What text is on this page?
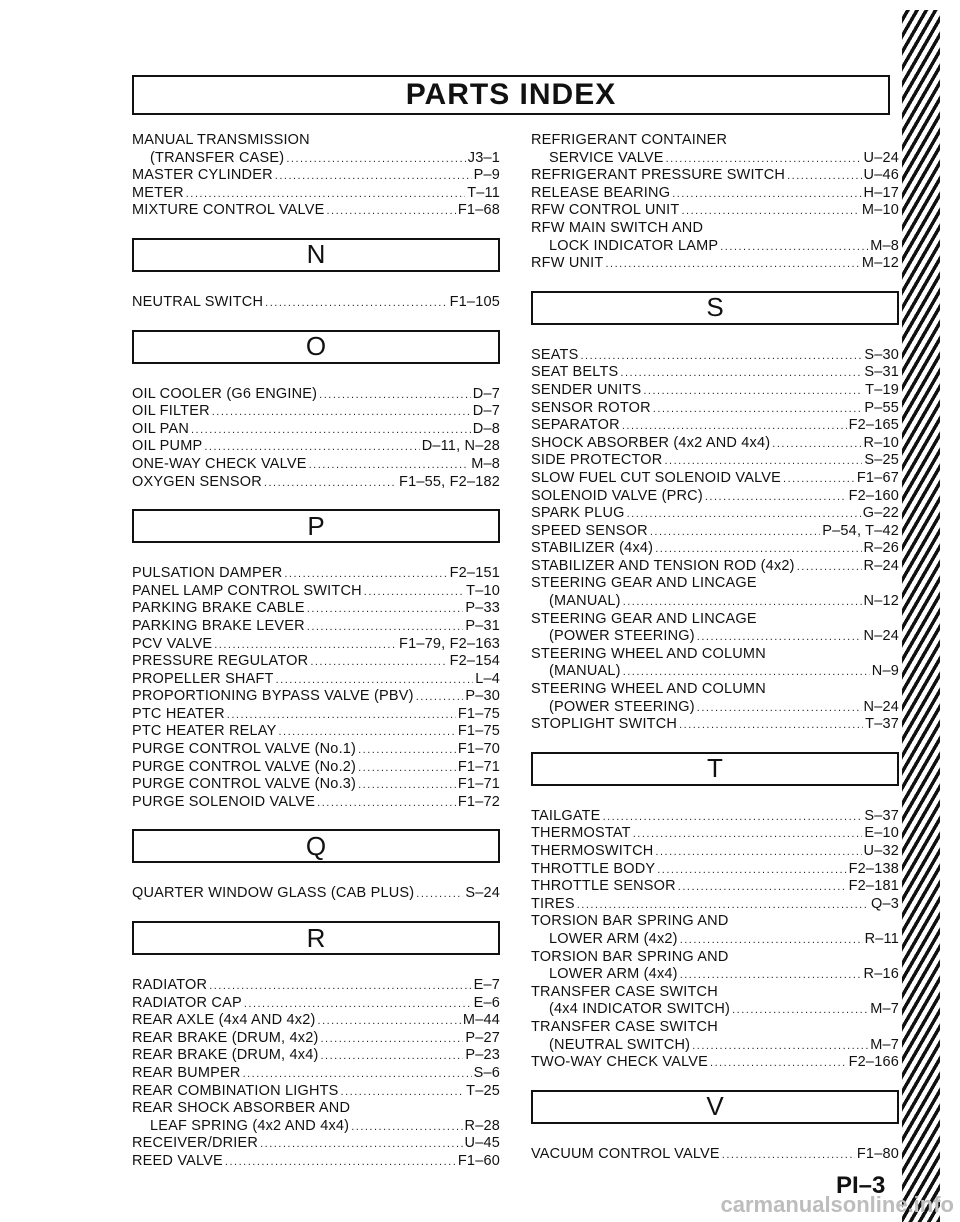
PARTS INDEX
MANUAL TRANSMISSION
(TRANSFER CASE) .....	J3–1
MASTER CYLINDER .....	P–9
METER .....	T–11
MIXTURE CONTROL VALVE .....	F1–68
N
NEUTRAL SWITCH .....	F1–105
O
OIL COOLER (G6 ENGINE) .....	D–7
OIL FILTER .....	D–7
OIL PAN .....	D–8
OIL PUMP .....	D–11, N–28
ONE-WAY CHECK VALVE .....	M–8
OXYGEN SENSOR .....	F1–55, F2–182
P
PULSATION DAMPER .....	F2–151
PANEL LAMP CONTROL SWITCH .....	T–10
PARKING BRAKE CABLE .....	P–33
PARKING BRAKE LEVER .....	P–31
PCV VALVE .....	F1–79, F2–163
PRESSURE REGULATOR .....	F2–154
PROPELLER SHAFT .....	L–4
PROPORTIONING BYPASS VALVE (PBV) .....	P–30
PTC HEATER .....	F1–75
PTC HEATER RELAY .....	F1–75
PURGE CONTROL VALVE (No.1) .....	F1–70
PURGE CONTROL VALVE (No.2) .....	F1–71
PURGE CONTROL VALVE (No.3) .....	F1–71
PURGE SOLENOID VALVE .....	F1–72
Q
QUARTER WINDOW GLASS (CAB PLUS) .....	S–24
R
RADIATOR .....	E–7
RADIATOR CAP .....	E–6
REAR AXLE (4x4 AND 4x2) .....	M–44
REAR BRAKE (DRUM, 4x2) .....	P–27
REAR BRAKE (DRUM, 4x4) .....	P–23
REAR BUMPER .....	S–6
REAR COMBINATION LIGHTS .....	T–25
REAR SHOCK ABSORBER AND
LEAF SPRING (4x2 AND 4x4) .....	R–28
RECEIVER/DRIER .....	U–45
REED VALVE .....	F1–60
REFRIGERANT CONTAINER
SERVICE VALVE .....	U–24
REFRIGERANT PRESSURE SWITCH .....	U–46
RELEASE BEARING .....	H–17
RFW CONTROL UNIT .....	M–10
RFW MAIN SWITCH AND
LOCK INDICATOR LAMP .....	M–8
RFW UNIT .....	M–12
S
SEATS .....	S–30
SEAT BELTS .....	S–31
SENDER UNITS .....	T–19
SENSOR ROTOR .....	P–55
SEPARATOR .....	F2–165
SHOCK ABSORBER (4x2 AND 4x4) .....	R–10
SIDE PROTECTOR .....	S–25
SLOW FUEL CUT SOLENOID VALVE .....	F1–67
SOLENOID VALVE (PRC) .....	F2–160
SPARK PLUG .....	G–22
SPEED SENSOR .....	P–54, T–42
STABILIZER (4x4) .....	R–26
STABILIZER AND TENSION ROD (4x2) .....	R–24
STEERING GEAR AND LINCAGE
(MANUAL) .....	N–12
STEERING GEAR AND LINCAGE
(POWER STEERING) .....	N–24
STEERING WHEEL AND COLUMN
(MANUAL) .....	N–9
STEERING WHEEL AND COLUMN
(POWER STEERING) .....	N–24
STOPLIGHT SWITCH .....	T–37
T
TAILGATE .....	S–37
THERMOSTAT .....	E–10
THERMOSWITCH .....	U–32
THROTTLE BODY .....	F2–138
THROTTLE SENSOR .....	F2–181
TIRES .....	Q–3
TORSION BAR SPRING AND
LOWER ARM (4x2) .....	R–11
TORSION BAR SPRING AND
LOWER ARM (4x4) .....	R–16
TRANSFER CASE SWITCH
(4x4 INDICATOR SWITCH) .....	M–7
TRANSFER CASE SWITCH
(NEUTRAL SWITCH) .....	M–7
TWO-WAY CHECK VALVE .....	F2–166
V
VACUUM CONTROL VALVE .....	F1–80
PI–3
carmanualsonline.info
